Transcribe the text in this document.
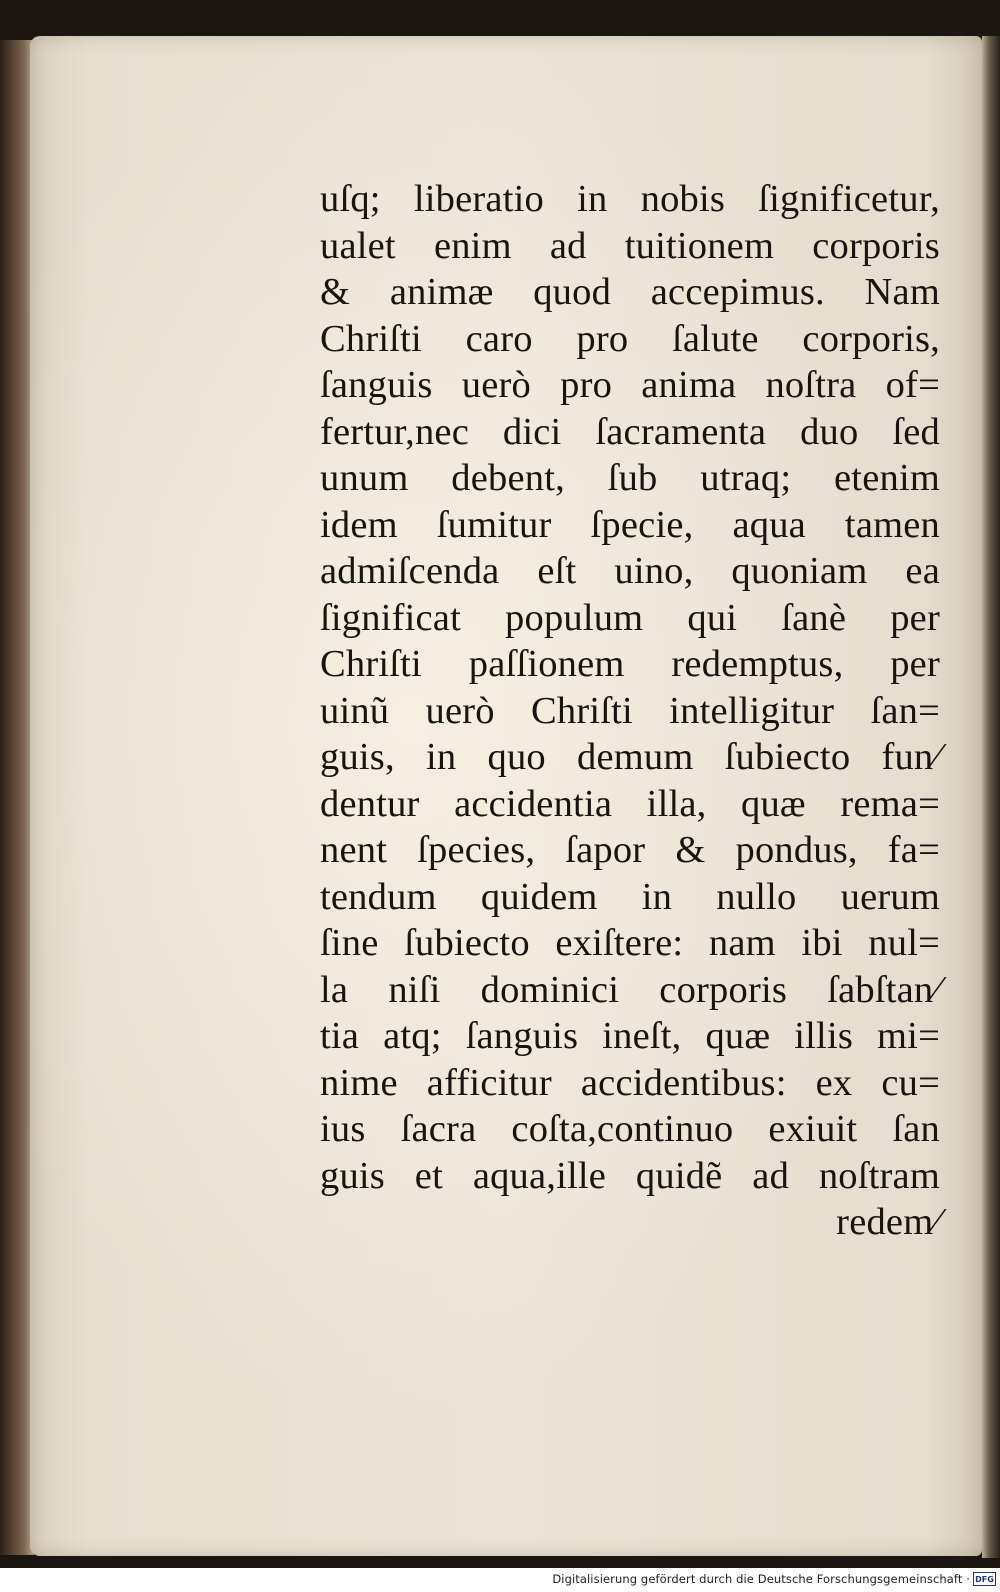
uſq; liberatio in nobis ſignificetur,
ualet enim ad tuitionem corporis
& animæ quod accepimus. Nam
Chriſti caro pro ſalute corporis,
ſanguis uerò pro anima noſtra of=
fertur,nec dici ſacramenta duo ſed
unum debent, ſub utraq; etenim
idem ſumitur ſpecie, aqua tamen
admiſcenda eſt uino, quoniam ea
ſignificat populum qui ſanè per
Chriſti paſſionem redemptus, per
uinũ uerò Chriſti intelligitur ſan=
guis, in quo demum ſubiecto fun⁄
dentur accidentia illa, quæ rema=
nent ſpecies, ſapor & pondus, fa=
tendum quidem in nullo uerum
ſine ſubiecto exiſtere: nam ibi nul=
la niſi dominici corporis ſabſtan⁄
tia atq; ſanguis ineſt, quæ illis mi=
nime afficitur accidentibus: ex cu=
ius ſacra coſta,continuo exiuit ſan
guis et aqua,ille quidẽ ad noſtram
redem⁄
Digitalisierung gefördert durch die Deutsche Forschungsgemeinschaft · DFG
